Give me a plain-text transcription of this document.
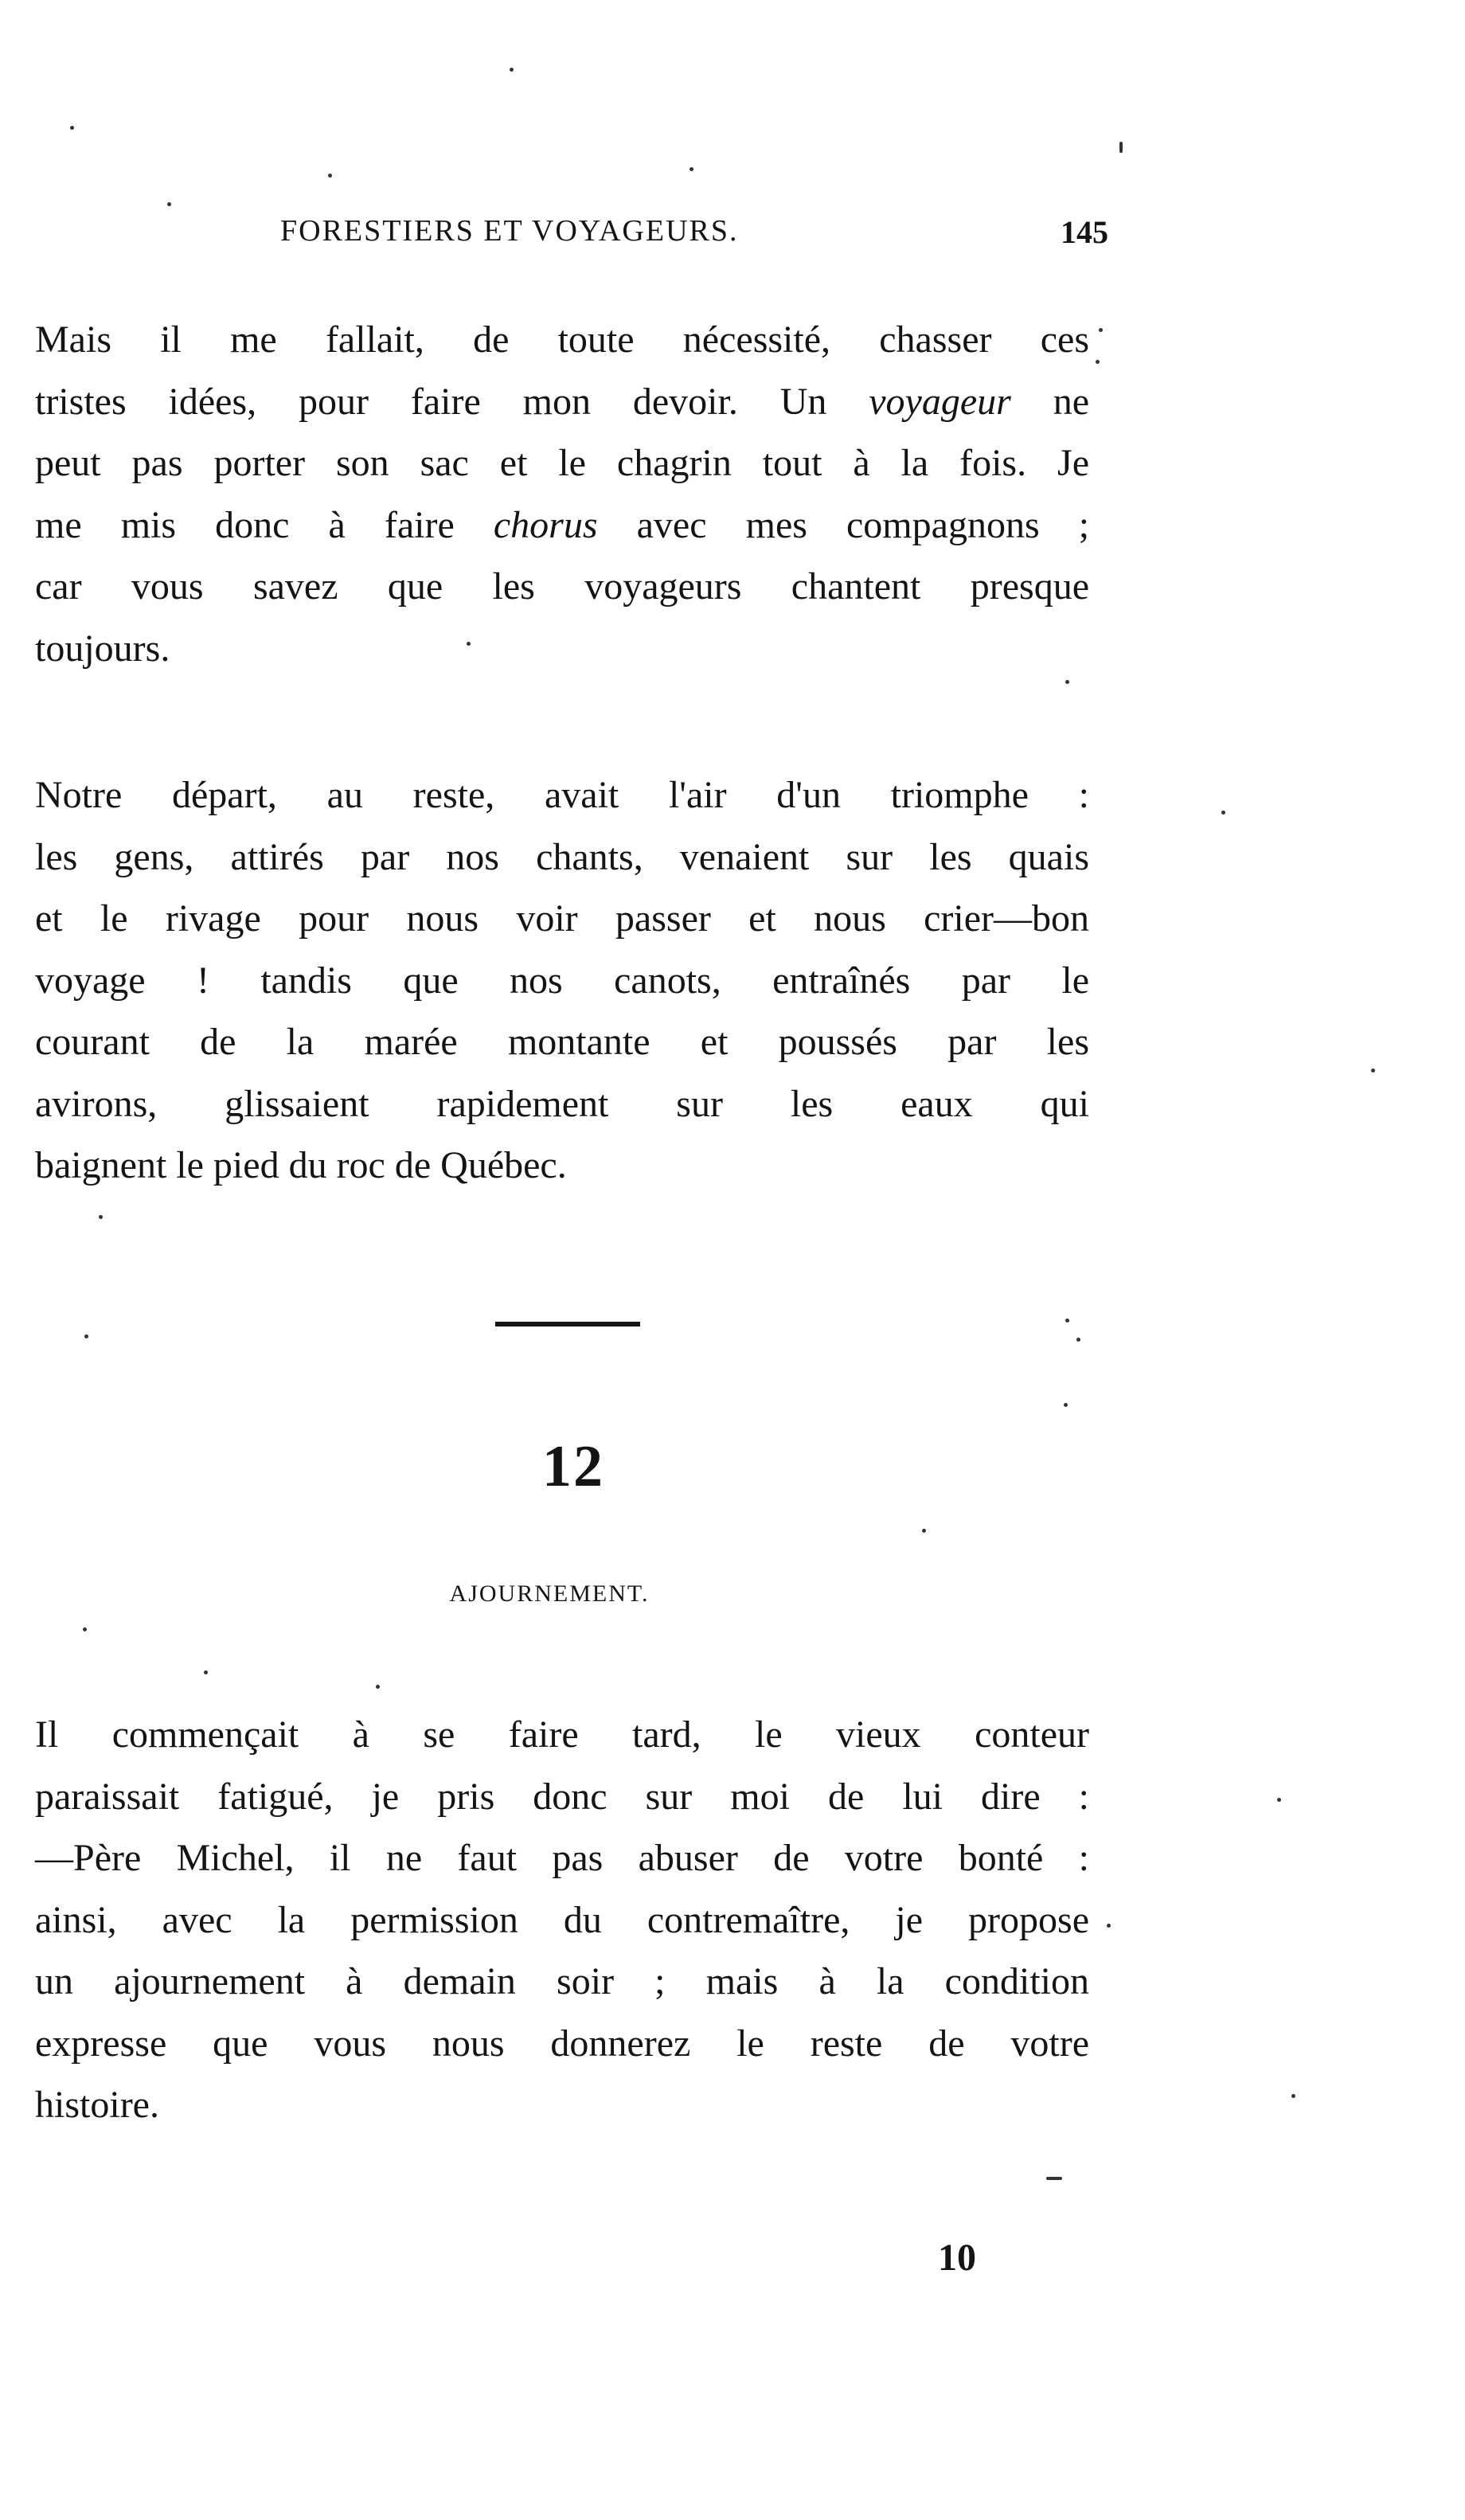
FORESTIERS ET VOYAGEURS.	145
Mais il me fallait, de toute nécessité, chasser ces
tristes idées, pour faire mon devoir. Un voyageur ne
peut pas porter son sac et le chagrin tout à la fois. Je
me mis donc à faire chorus avec mes compagnons ;
car vous savez que les voyageurs chantent presque
toujours.
Notre départ, au reste, avait l'air d'un triomphe :
les gens, attirés par nos chants, venaient sur les quais
et le rivage pour nous voir passer et nous crier—bon
voyage ! tandis que nos canots, entraînés par le
courant de la marée montante et poussés par les
avirons, glissaient rapidement sur les eaux qui
baignent le pied du roc de Québec.
12
AJOURNEMENT.
Il commençait à se faire tard, le vieux conteur
paraissait fatigué, je pris donc sur moi de lui dire :
—Père Michel, il ne faut pas abuser de votre bonté :
ainsi, avec la permission du contremaître, je propose
un ajournement à demain soir ; mais à la condition
expresse que vous nous donnerez le reste de votre
histoire.
10
